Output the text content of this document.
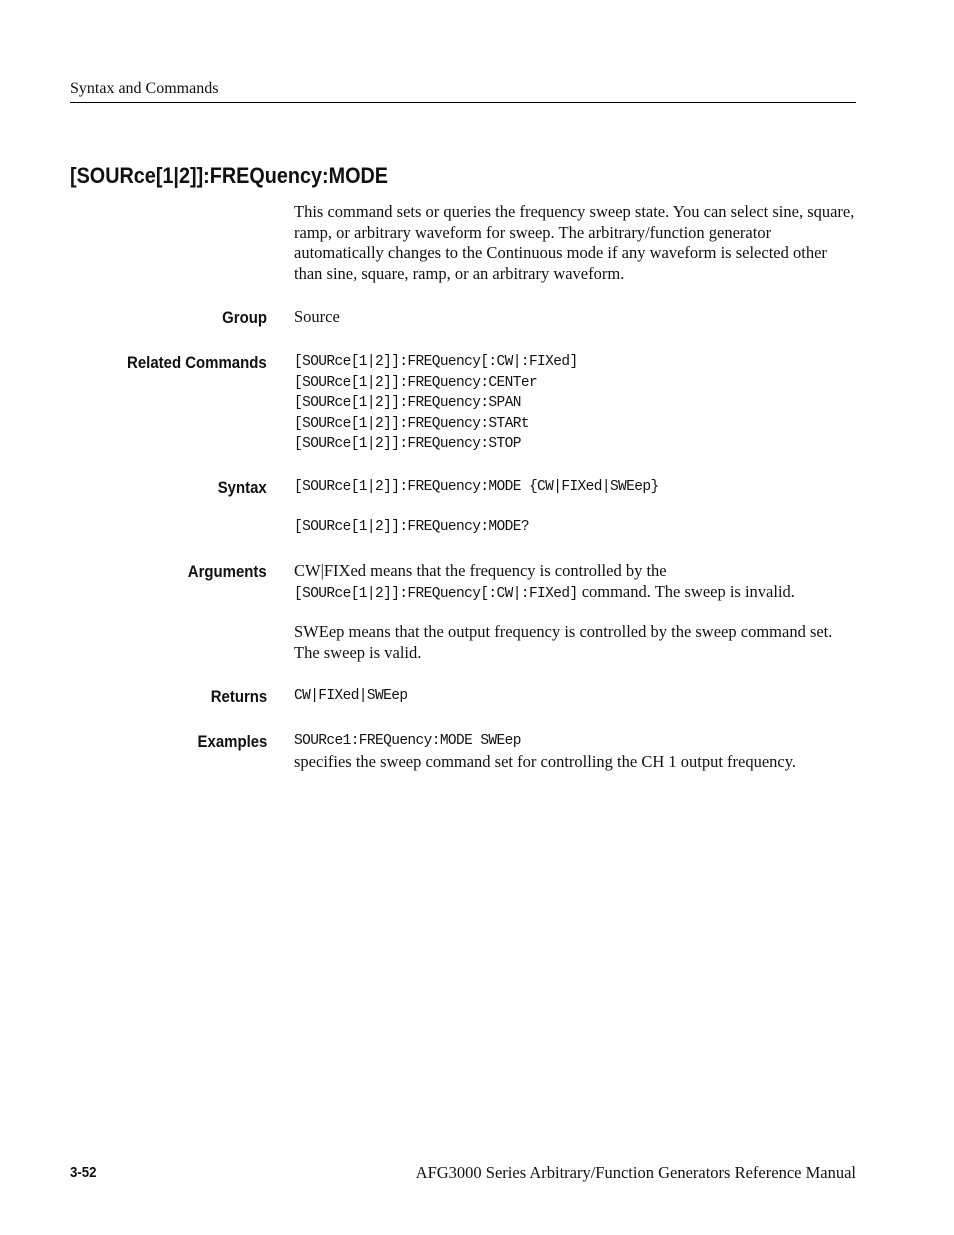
Syntax and Commands
[SOURce[1|2]]:FREQuency:MODE
This command sets or queries the frequency sweep state. You can select sine, square, ramp, or arbitrary waveform for sweep. The arbitrary/function generator automatically changes to the Continuous mode if any waveform is selected other than sine, square, ramp, or an arbitrary waveform.
Group Source
Related Commands [SOURce[1|2]]:FREQuency[:CW|:FIXed]
[SOURce[1|2]]:FREQuency:CENTer
[SOURce[1|2]]:FREQuency:SPAN
[SOURce[1|2]]:FREQuency:STARt
[SOURce[1|2]]:FREQuency:STOP
Syntax [SOURce[1|2]]:FREQuency:MODE {CW|FIXed|SWEep}
[SOURce[1|2]]:FREQuency:MODE?
Arguments CW|FIXed means that the frequency is controlled by the
[SOURce[1|2]]:FREQuency[:CW|:FIXed] command. The sweep is invalid.
SWEep means that the output frequency is controlled by the sweep command set. The sweep is valid.
Returns CW|FIXed|SWEep
Examples SOURce1:FREQuency:MODE SWEep
specifies the sweep command set for controlling the CH 1 output frequency.
3-52	AFG3000 Series Arbitrary/Function Generators Reference Manual
